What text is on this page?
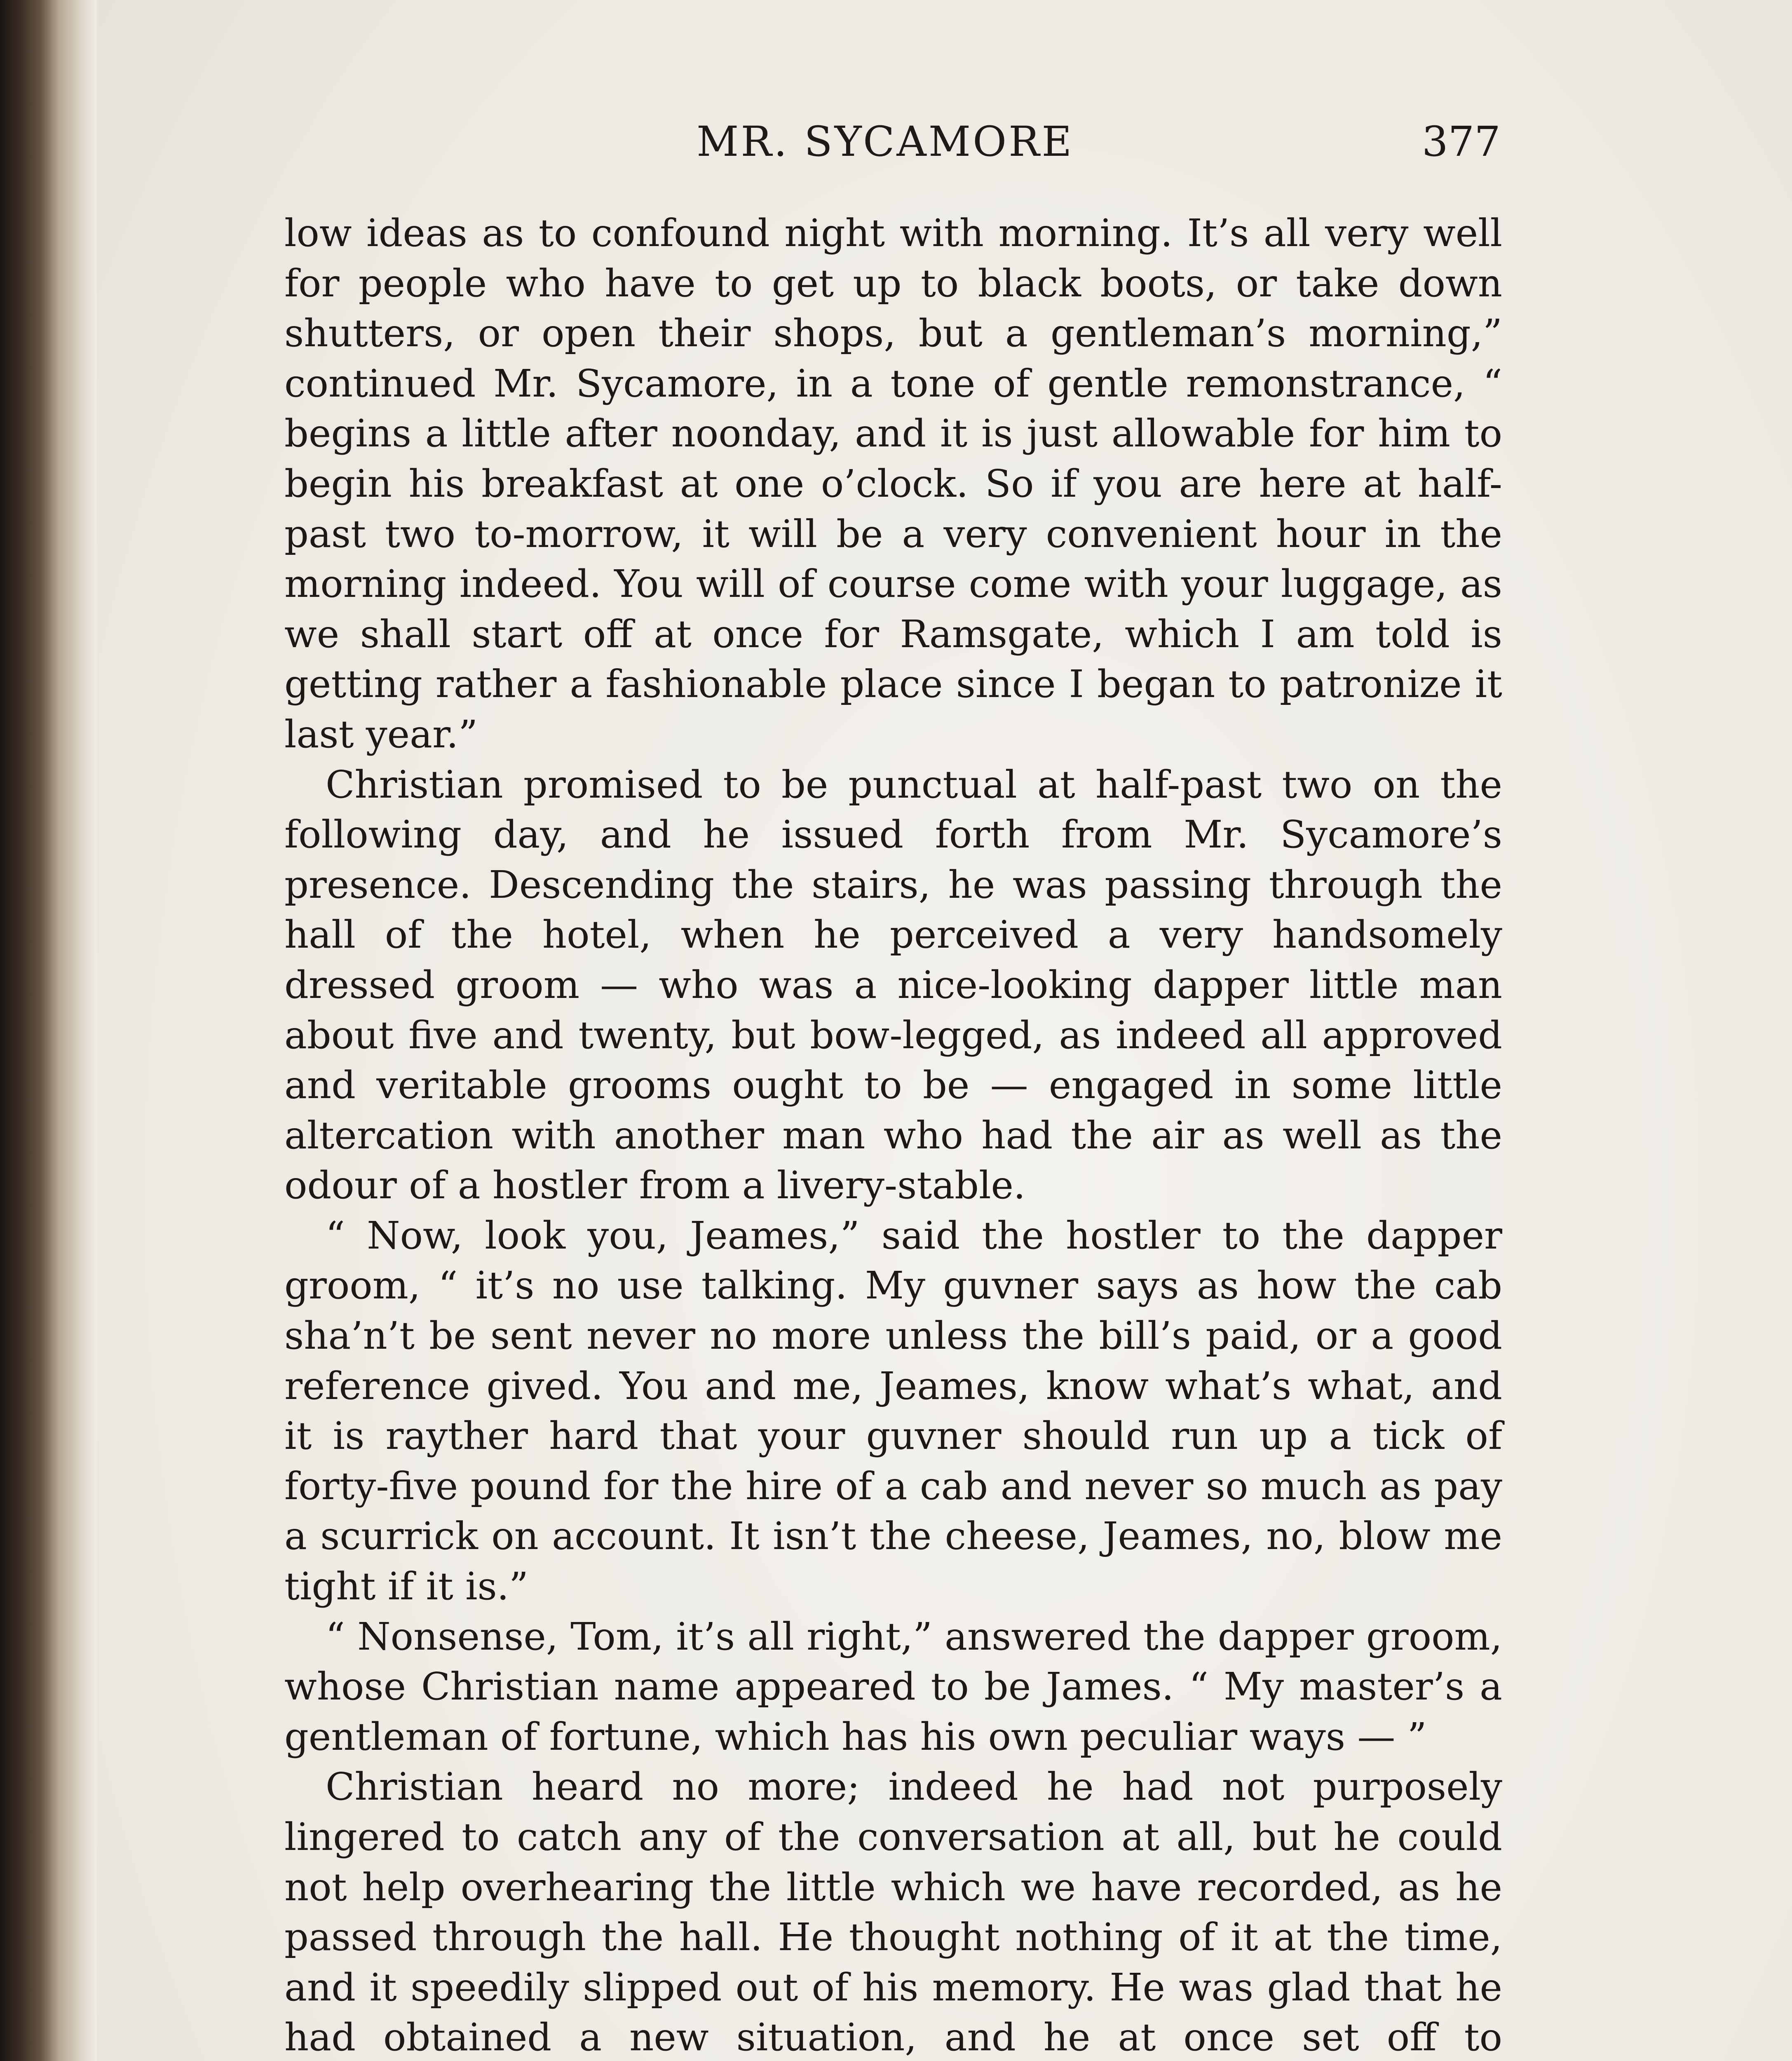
MR. SYCAMORE	377

low ideas as to confound night with morning. It’s all very well for people who have to get up to black boots, or take down shutters, or open their shops, but a gentleman’s morning,” continued Mr. Sycamore, in a tone of gentle remonstrance, “ begins a little after noonday, and it is just allowable for him to begin his breakfast at one o’clock. So if you are here at half-past two to-morrow, it will be a very convenient hour in the morning indeed. You will of course come with your luggage, as we shall start off at once for Ramsgate, which I am told is getting rather a fashionable place since I began to patronize it last year.”

Christian promised to be punctual at half-past two on the following day, and he issued forth from Mr. Sycamore’s presence. Descending the stairs, he was passing through the hall of the hotel, when he perceived a very handsomely dressed groom — who was a nice-looking dapper little man about five and twenty, but bow-legged, as indeed all approved and veritable grooms ought to be — engaged in some little altercation with another man who had the air as well as the odour of a hostler from a livery-stable.

“ Now, look you, Jeames,” said the hostler to the dapper groom, “ it’s no use talking. My guvner says as how the cab sha’n’t be sent never no more unless the bill’s paid, or a good reference gived. You and me, Jeames, know what’s what, and it is rayther hard that your guvner should run up a tick of forty-five pound for the hire of a cab and never so much as pay a scurrick on account. It isn’t the cheese, Jeames, no, blow me tight if it is.”

“ Nonsense, Tom, it’s all right,” answered the dapper groom, whose Christian name appeared to be James. “ My master’s a gentleman of fortune, which has his own peculiar ways — ”

Christian heard no more; indeed he had not purposely lingered to catch any of the conversation at all, but he could not help overhearing the little which we have recorded, as he passed through the hall. He thought nothing of it at the time, and it speedily slipped out of his memory. He was glad that he had obtained a new situation, and he at once set off to
